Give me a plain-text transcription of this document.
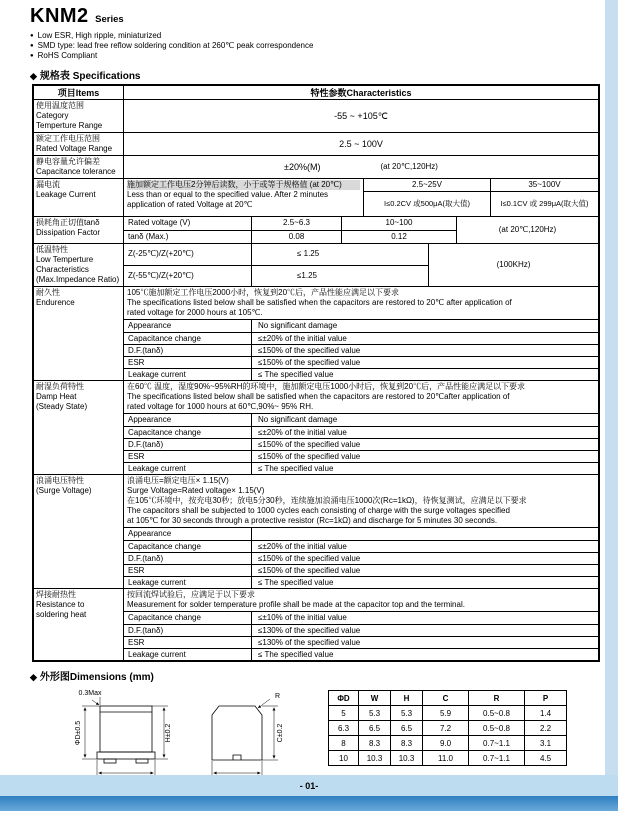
KNM2 Series
● Low ESR, High ripple, miniaturized
● SMD type: lead free reflow soldering condition at 260℃ peak correspondence
● RoHS Compliant
◆ 规格表 Specifications
项目Items	特性参数Characteristics
使用温度范围
Category
Temperture Range
-55 ~ +105℃
额定工作电压范围
Rated Voltage Range	2.5 ~ 100V
静电容量允许偏差
Capacitance tolerance	±20%(M)	(at 20℃,120Hz)
漏电流
Leakage Current
施加额定工作电压2分钟后读数，小于或等于规格值 (at 20℃)
Less than or equal to the specified value. After 2 minutes
application of rated Voltage at 20℃
2.5~25V	35~100V
I≤0.2CV 或500μA(取大值)	I≤0.1CV 或 299μA(取大值)
损耗角正切值tanδ
Dissipation Factor
Rated voltage (V)	2.5~6.3	10~100
tanδ (Max.)	0.08	0.12
(at 20℃,120Hz)
低温特性
Low Temperture
Characteristics
(Max.Impedance Ratio)
Z(-25℃)/Z(+20℃)	≤ 1.25
Z(-55℃)/Z(+20℃)	≤1.25
(100KHz)
耐久性
Endurence
105℃施加额定工作电压2000小时，恢复到20℃后，产品性能应满足以下要求
The specifications listed below shall be satisfied when the capacitors are restored to 20℃ after application of
rated voltage for 2000 hours at 105℃.
Appearance	No significant damage
Capacitance change	≤±20% of the initial value
D.F.(tanδ)	≤150% of the specified value
ESR	≤150% of the specified value
Leakage current	≤ The specified value
耐湿负荷特性
Damp Heat
(Steady State)
在60℃ 温度，湿度90%~95%RH的环境中，施加额定电压1000小时后，恢复到20℃后，产品性能应满足以下要求
The specifications listed below shall be satisfied when the capacitors are restored to 20℃after application of
rated voltage for 1000 hours at 60℃,90%~ 95% RH.
Appearance	No significant damage
Capacitance change	≤±20% of the initial value
D.F.(tanδ)	≤150% of the specified value
ESR	≤150% of the specified value
Leakage current	≤ The specified value
浪涌电压特性
(Surge Voltage)
浪涌电压=额定电压× 1.15(V)
Surge Voltage=Rated voltage× 1.15(V)
在105℃环境中，按充电30秒；放电5分30秒，连续施加浪涌电压1000次(Rc=1kΩ)，待恢复测试，应满足以下要求
The capacitors shall be subjected to 1000 cycles each consisting of charge with the surge voltages specified
at 105℃ for 30 seconds through a protective resistor (Rc=1kΩ) and discharge for 5 minutes 30 seconds.
Appearance
Capacitance change	≤±20% of the initial value
D.F.(tanδ)	≤150% of the specified value
ESR	≤150% of the specified value
Leakage current	≤ The specified value
焊接耐热性
Resistance to
soldering heat
按回流焊试验后，应满足于以下要求
Measurement for solder temperature profile shall be made at the capacitor top and the terminal.
Capacitance change	≤±10% of the initial value
D.F.(tanδ)	≤130% of the specified value
ESR	≤130% of the specified value
Leakage current	≤ The specified value
◆ 外形图Dimensions (mm)
0.3Max
ΦD±0.5	H±0.2
R
C±0.2
ΦD	W	H	C	R	P
5	5.3	5.3	5.9	0.5~0.8	1.4
6.3	6.5	6.5	7.2	0.5~0.8	2.2
8	8.3	8.3	9.0	0.7~1.1	3.1
10	10.3	10.3	11.0	0.7~1.1	4.5
- 01-
